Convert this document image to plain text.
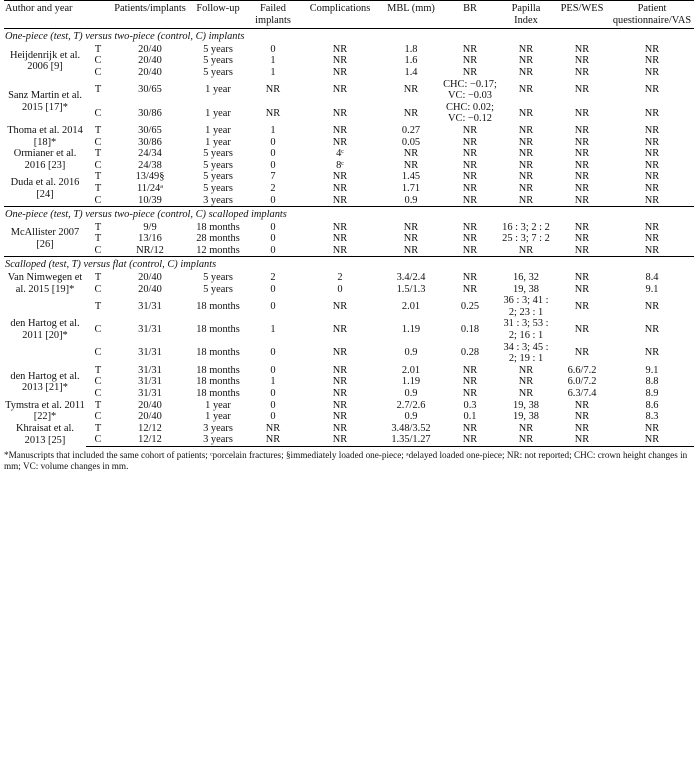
Author and year		Patients/implants	Follow-up	Failed implants	Complications	MBL (mm)	BR	Papilla Index	PES/WES	Patient questionnaire/VAS
One-piece (test, T) versus two-piece (control, C) implants										
Heijdenrijk et al. 2006 [9]	T	20/40	5 years	0	NR	1.8	NR	NR	NR	NR
	C	20/40	5 years	1	NR	1.6	NR	NR	NR	NR
	C	20/40	5 years	1	NR	1.4	NR	NR	NR	NR
Sanz Martin et al. 2015 [17]*	T	30/65	1 year	NR	NR	NR	CHC: −0.17; VC: −0.03	NR	NR	NR
	C	30/86	1 year	NR	NR	NR	CHC: 0.02; VC: −0.12	NR	NR	NR
Thoma et al. 2014 [18]*	T	30/65	1 year	1	NR	0.27	NR	NR	NR	NR
	C	30/86	1 year	0	NR	0.05	NR	NR	NR	NR
Ormianer et al. 2016 [23]	T	24/34	5 years	0	4ᶜ	NR	NR	NR	NR	NR
	C	24/38	5 years	0	8ᶜ	NR	NR	NR	NR	NR
Duda et al. 2016 [24]	T	13/49§	5 years	7	NR	1.45	NR	NR	NR	NR
	T	11/24ᵃ	5 years	2	NR	1.71	NR	NR	NR	NR
	C	10/39	3 years	0	NR	0.9	NR	NR	NR	NR
One-piece (test, T) versus two-piece (control, C) scalloped implants										
McAllister 2007 [26]	T	9/9	18 months	0	NR	NR	NR	16 : 3; 2 : 2	NR	NR
	T	13/16	28 months	0	NR	NR	NR	25 : 3; 7 : 2	NR	NR
	C	NR/12	12 months	0	NR	NR	NR	NR	NR	NR
Scalloped (test, T) versus flat (control, C) implants										
Van Nimwegen et al. 2015 [19]*	T	20/40	5 years	2	2	3.4/2.4	NR	16, 32	NR	8.4
	C	20/40	5 years	0	0	1.5/1.3	NR	19, 38	NR	9.1
den Hartog et al. 2011 [20]*	T	31/31	18 months	0	NR	2.01	0.25	36 : 3; 41 : 2; 23 : 1	NR	NR
	C	31/31	18 months	1	NR	1.19	0.18	31 : 3; 53 : 2; 16 : 1	NR	NR
	C	31/31	18 months	0	NR	0.9	0.28	34 : 3; 45 : 2; 19 : 1	NR	NR
den Hartog et al. 2013 [21]*	T	31/31	18 months	0	NR	2.01	NR	NR	6.6/7.2	9.1
	C	31/31	18 months	1	NR	1.19	NR	NR	6.0/7.2	8.8
	C	31/31	18 months	0	NR	0.9	NR	NR	6.3/7.4	8.9
Tymstra et al. 2011 [22]*	T	20/40	1 year	0	NR	2.7/2.6	0.3	19, 38	NR	8.6
	C	20/40	1 year	0	NR	0.9	0.1	19, 38	NR	8.3
Khraisat et al. 2013 [25]	T	12/12	3 years	NR	NR	3.48/3.52	NR	NR	NR	NR
	C	12/12	3 years	NR	NR	1.35/1.27	NR	NR	NR	NR
*Manuscripts that included the same cohort of patients; ᶜporcelain fractures; §immediately loaded one-piece; ᵃdelayed loaded one-piece; NR: not reported; CHC: crown height changes in mm; VC: volume changes in mm.
